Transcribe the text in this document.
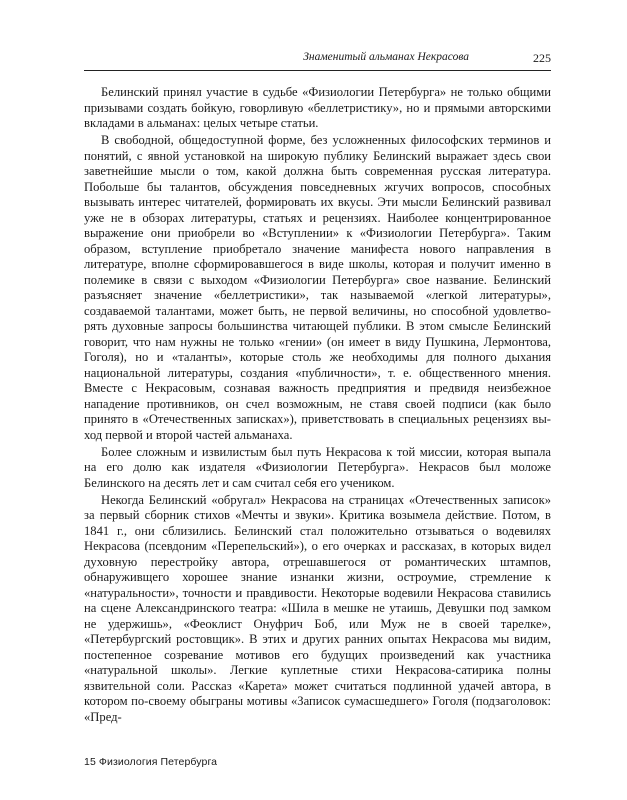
Знаменитый альманах Некрасова	225

Белинский принял участие в судьбе «Физиологии Петербурга» не только общими призывами создать бойкую, говорливую «беллетристику», но и прямыми авторскими вкладами в альманах: целых четыре статьи.

В свободной, общедоступной форме, без усложненных философских терминов и понятий, с явной установкой на широкую публику Белинский выражает здесь свои заветнейшие мысли о том, какой должна быть современная русская литература. Побольше бы талантов, обсуждения повседневных жгучих вопросов, способных вызывать интерес читателей, формировать их вкусы. Эти мысли Белинский развивал уже не в обзорах литературы, статьях и рецензиях. Наиболее концентрированное выражение они приобрели во «Вступлении» к «Физиологии Петербурга». Таким образом, вступление приобретало значение манифеста нового направления в литературе, вполне сформировавшегося в виде школы, которая и получит именно в полемике в связи с выходом «Физиологии Петербурга» свое название. Белинский разъясняет значение «беллетристики», так называемой «легкой литературы», создаваемой талантами, может быть, не первой величины, но способной удовлетворять духовные запросы большинства читающей публики. В этом смысле Белинский говорит, что нам нужны не только «гении» (он имеет в виду Пушкина, Лермонтова, Гоголя), но и «таланты», которые столь же необходимы для полного дыхания национальной литературы, создания «публичности», т. е. общественного мнения. Вместе с Некрасовым, сознавая важность предприятия и предвидя неизбежное нападение противников, он счел возможным, не ставя своей подписи (как было принято в «Отечественных записках»), приветствовать в специальных рецензиях выход первой и второй частей альманаха.

Более сложным и извилистым был путь Некрасова к той миссии, которая выпала на его долю как издателя «Физиологии Петербурга». Некрасов был моложе Белинского на десять лет и сам считал себя его учеником.

Некогда Белинский «обругал» Некрасова на страницах «Отечественных записок» за первый сборник стихов «Мечты и звуки». Критика возымела действие. Потом, в 1841 г., они сблизились. Белинский стал положительно отзываться о водевилях Некрасова (псевдоним «Перепельский»), о его очерках и рассказах, в которых видел духовную перестройку автора, отрешавшегося от романтических штампов, обнаруживщего хорошее знание изнанки жизни, остроумие, стремление к «натуральности», точности и правдивости. Некоторые водевили Некрасова ставились на сцене Александринского театра: «Шила в мешке не утаишь, Девушки под замком не удержишь», «Феоклист Онуфрич Боб, или Муж не в своей тарелке», «Петербургский ростовщик». В этих и других ранних опытах Некрасова мы видим, постепенное созревание мотивов его будущих произведений как участника «натуральной школы». Легкие куплетные стихи Некрасова-сатирика полны язвительной соли. Рассказ «Карета» может считаться подлинной удачей автора, в котором по-своему обыграны мотивы «Записок сумасшедшего» Гоголя (подзаголовок: «Пред-

15 Физиология Петербурга
